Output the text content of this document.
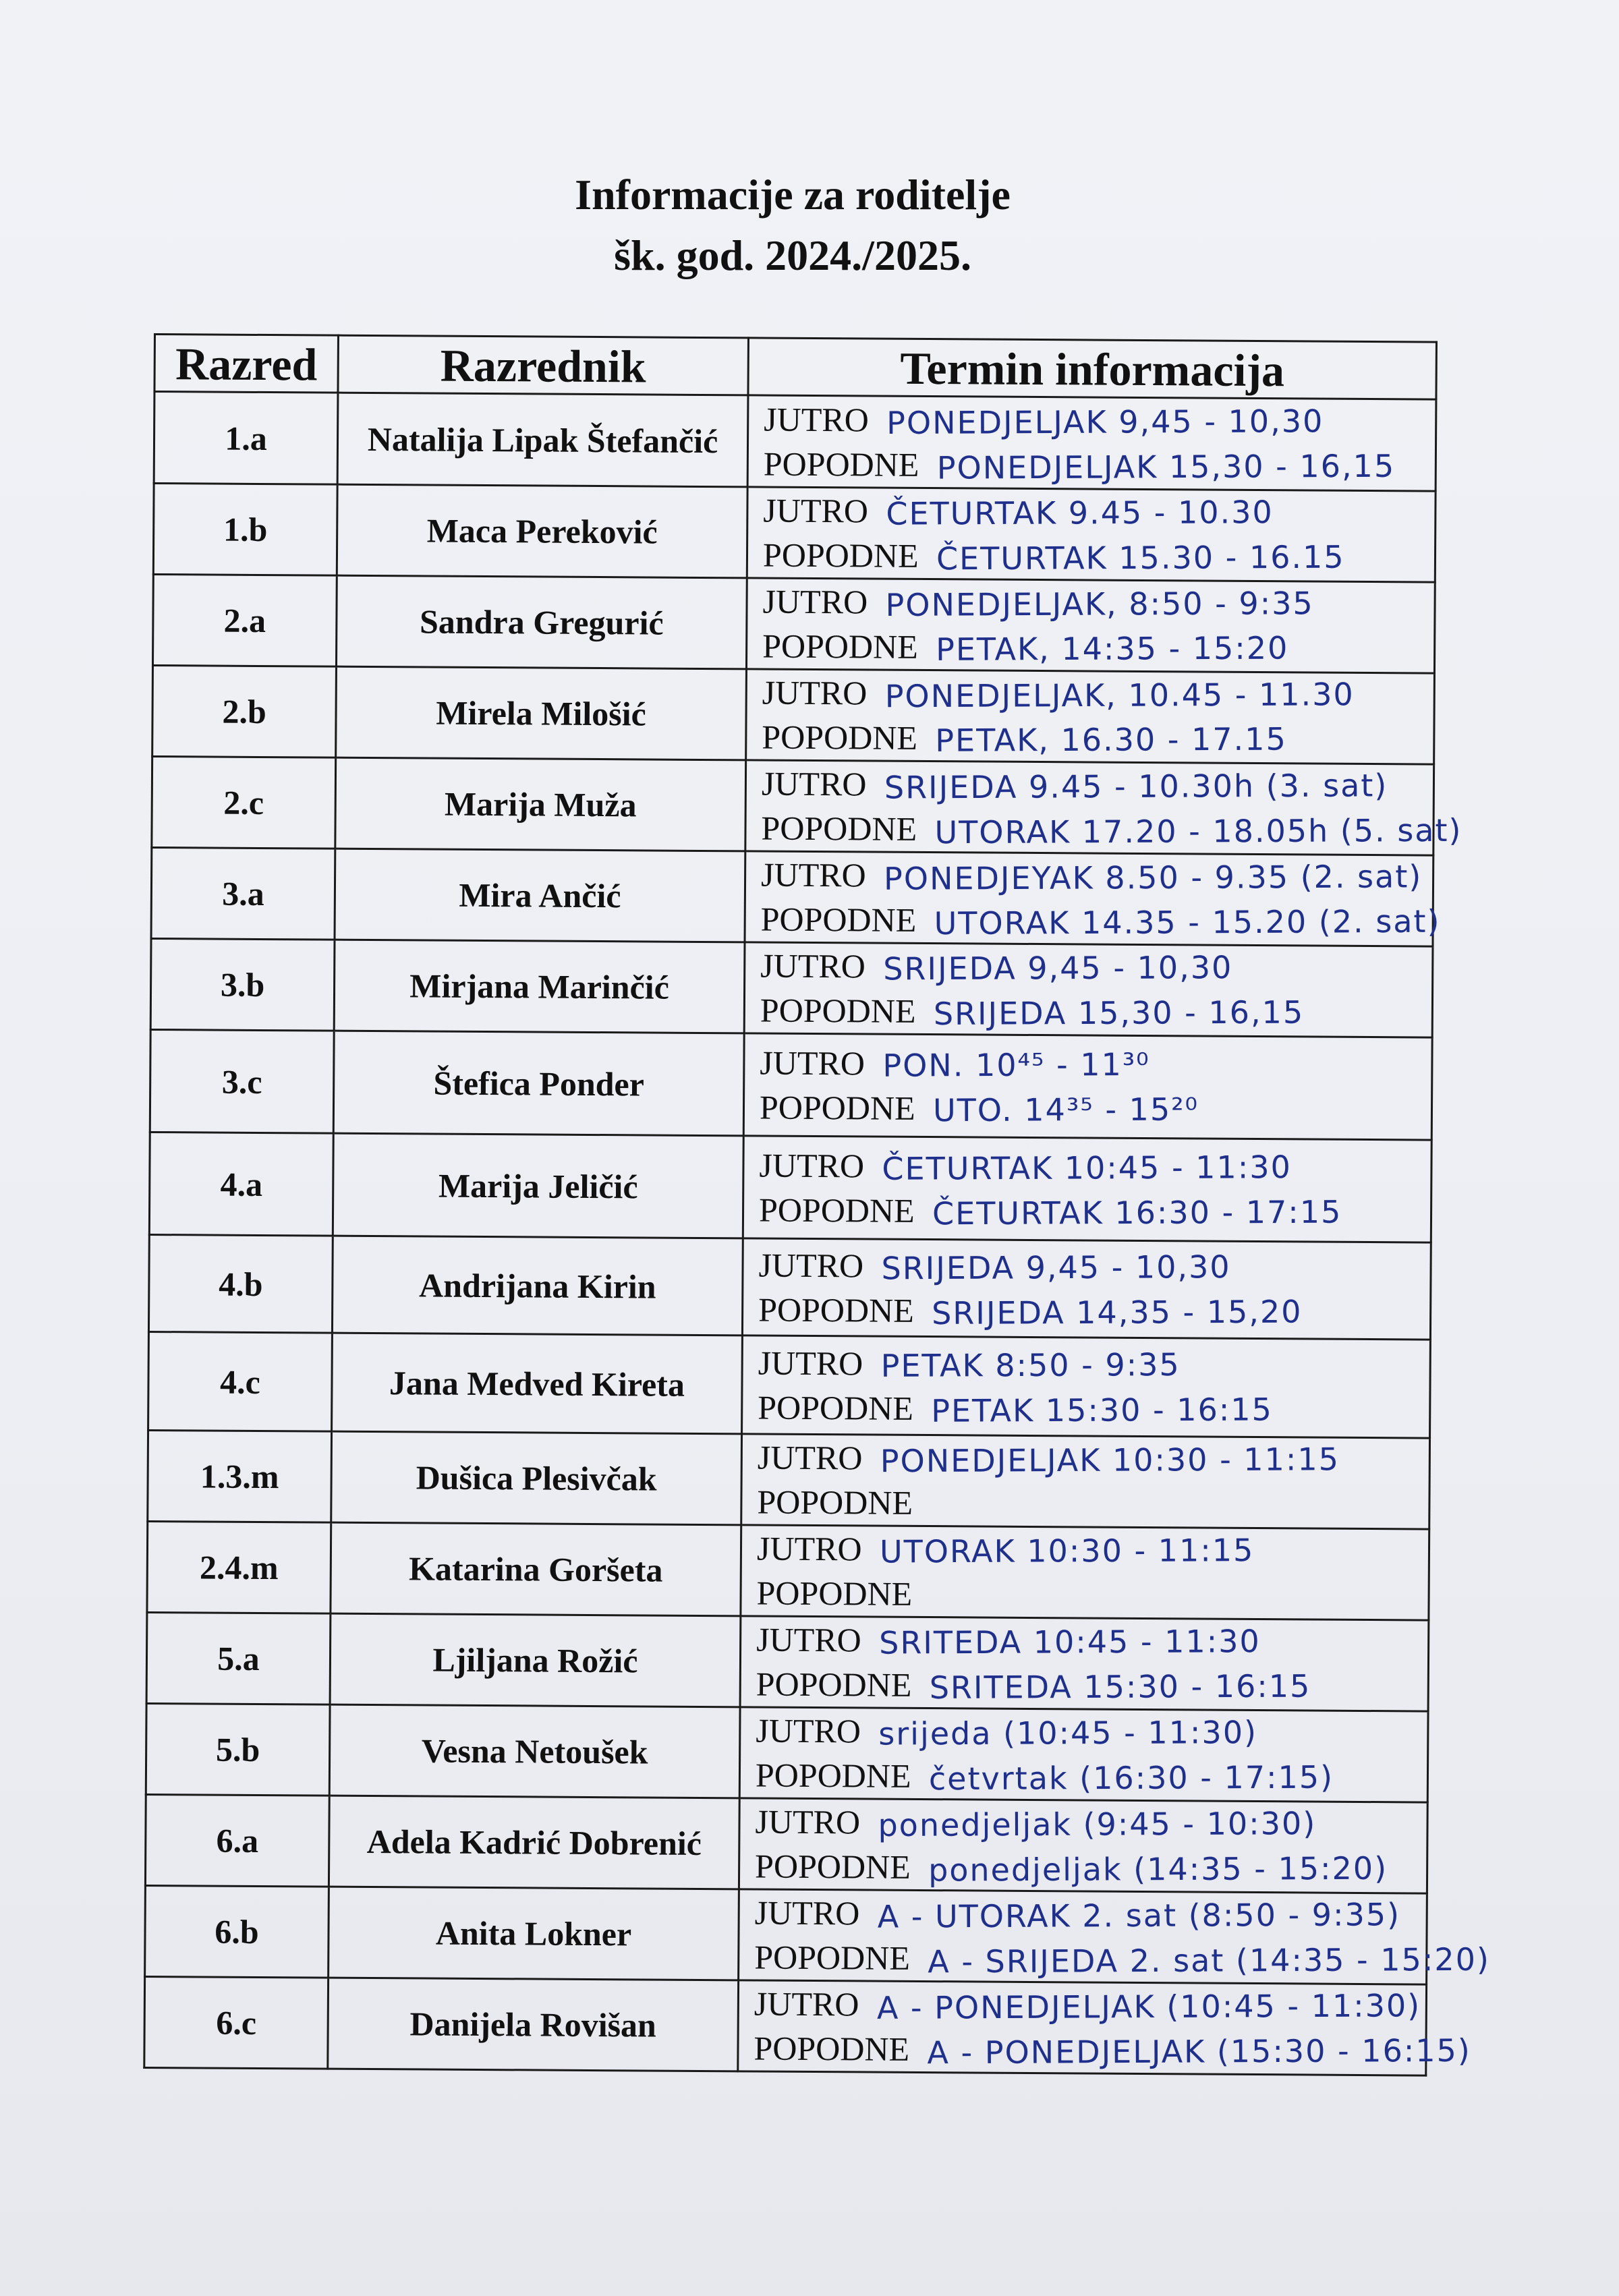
Informacije za roditelje
šk. god. 2024./2025.
Razred	Razrednik	Termin informacija
1.a	Natalija Lipak Štefančić	JUTRO PONEDJELJAK 9,45 - 10,30
POPODNE PONEDJELJAK 15,30 - 16,15

1.b	Maca Pereković	JUTRO ČETURTAK 9.45 - 10.30
POPODNE ČETURTAK 15.30 - 16.15

2.a	Sandra Gregurić	JUTRO PONEDJELJAK, 8:50 - 9:35
POPODNE PETAK, 14:35 - 15:20

2.b	Mirela Milošić	JUTRO PONEDJELJAK, 10.45 - 11.30
POPODNE PETAK, 16.30 - 17.15

2.c	Marija Muža	JUTRO SRIJEDA 9.45 - 10.30h (3. sat)
POPODNE UTORAK 17.20 - 18.05h (5. sat)

3.a	Mira Ančić	JUTRO PONEDJEYAK 8.50 - 9.35 (2. sat)
POPODNE UTORAK 14.35 - 15.20 (2. sat)

3.b	Mirjana Marinčić	JUTRO SRIJEDA 9,45 - 10,30
POPODNE SRIJEDA 15,30 - 16,15

3.c	Štefica Ponder	JUTRO PON. 10⁴⁵ - 11³⁰
POPODNE UTO. 14³⁵ - 15²⁰

4.a	Marija Jeličić	JUTRO ČETURTAK 10:45 - 11:30
POPODNE ČETURTAK 16:30 - 17:15

4.b	Andrijana Kirin	JUTRO SRIJEDA 9,45 - 10,30
POPODNE SRIJEDA 14,35 - 15,20

4.c	Jana Medved Kireta	JUTRO PETAK 8:50 - 9:35
POPODNE PETAK 15:30 - 16:15

1.3.m	Dušica Plesivčak	JUTRO PONEDJELJAK 10:30 - 11:15
POPODNE

2.4.m	Katarina Goršeta	JUTRO UTORAK 10:30 - 11:15
POPODNE

5.a	Ljiljana Rožić	JUTRO SRITEDA 10:45 - 11:30
POPODNE SRITEDA 15:30 - 16:15

5.b	Vesna Netoušek	JUTRO srijeda (10:45 - 11:30)
POPODNE četvrtak (16:30 - 17:15)

6.a	Adela Kadrić Dobrenić	JUTRO ponedjeljak (9:45 - 10:30)
POPODNE ponedjeljak (14:35 - 15:20)

6.b	Anita Lokner	JUTRO A - UTORAK 2. sat (8:50 - 9:35)
POPODNE A - SRIJEDA 2. sat (14:35 - 15:20)

6.c	Danijela Rovišan	JUTRO A - PONEDJELJAK (10:45 - 11:30)
POPODNE A - PONEDJELJAK (15:30 - 16:15)
